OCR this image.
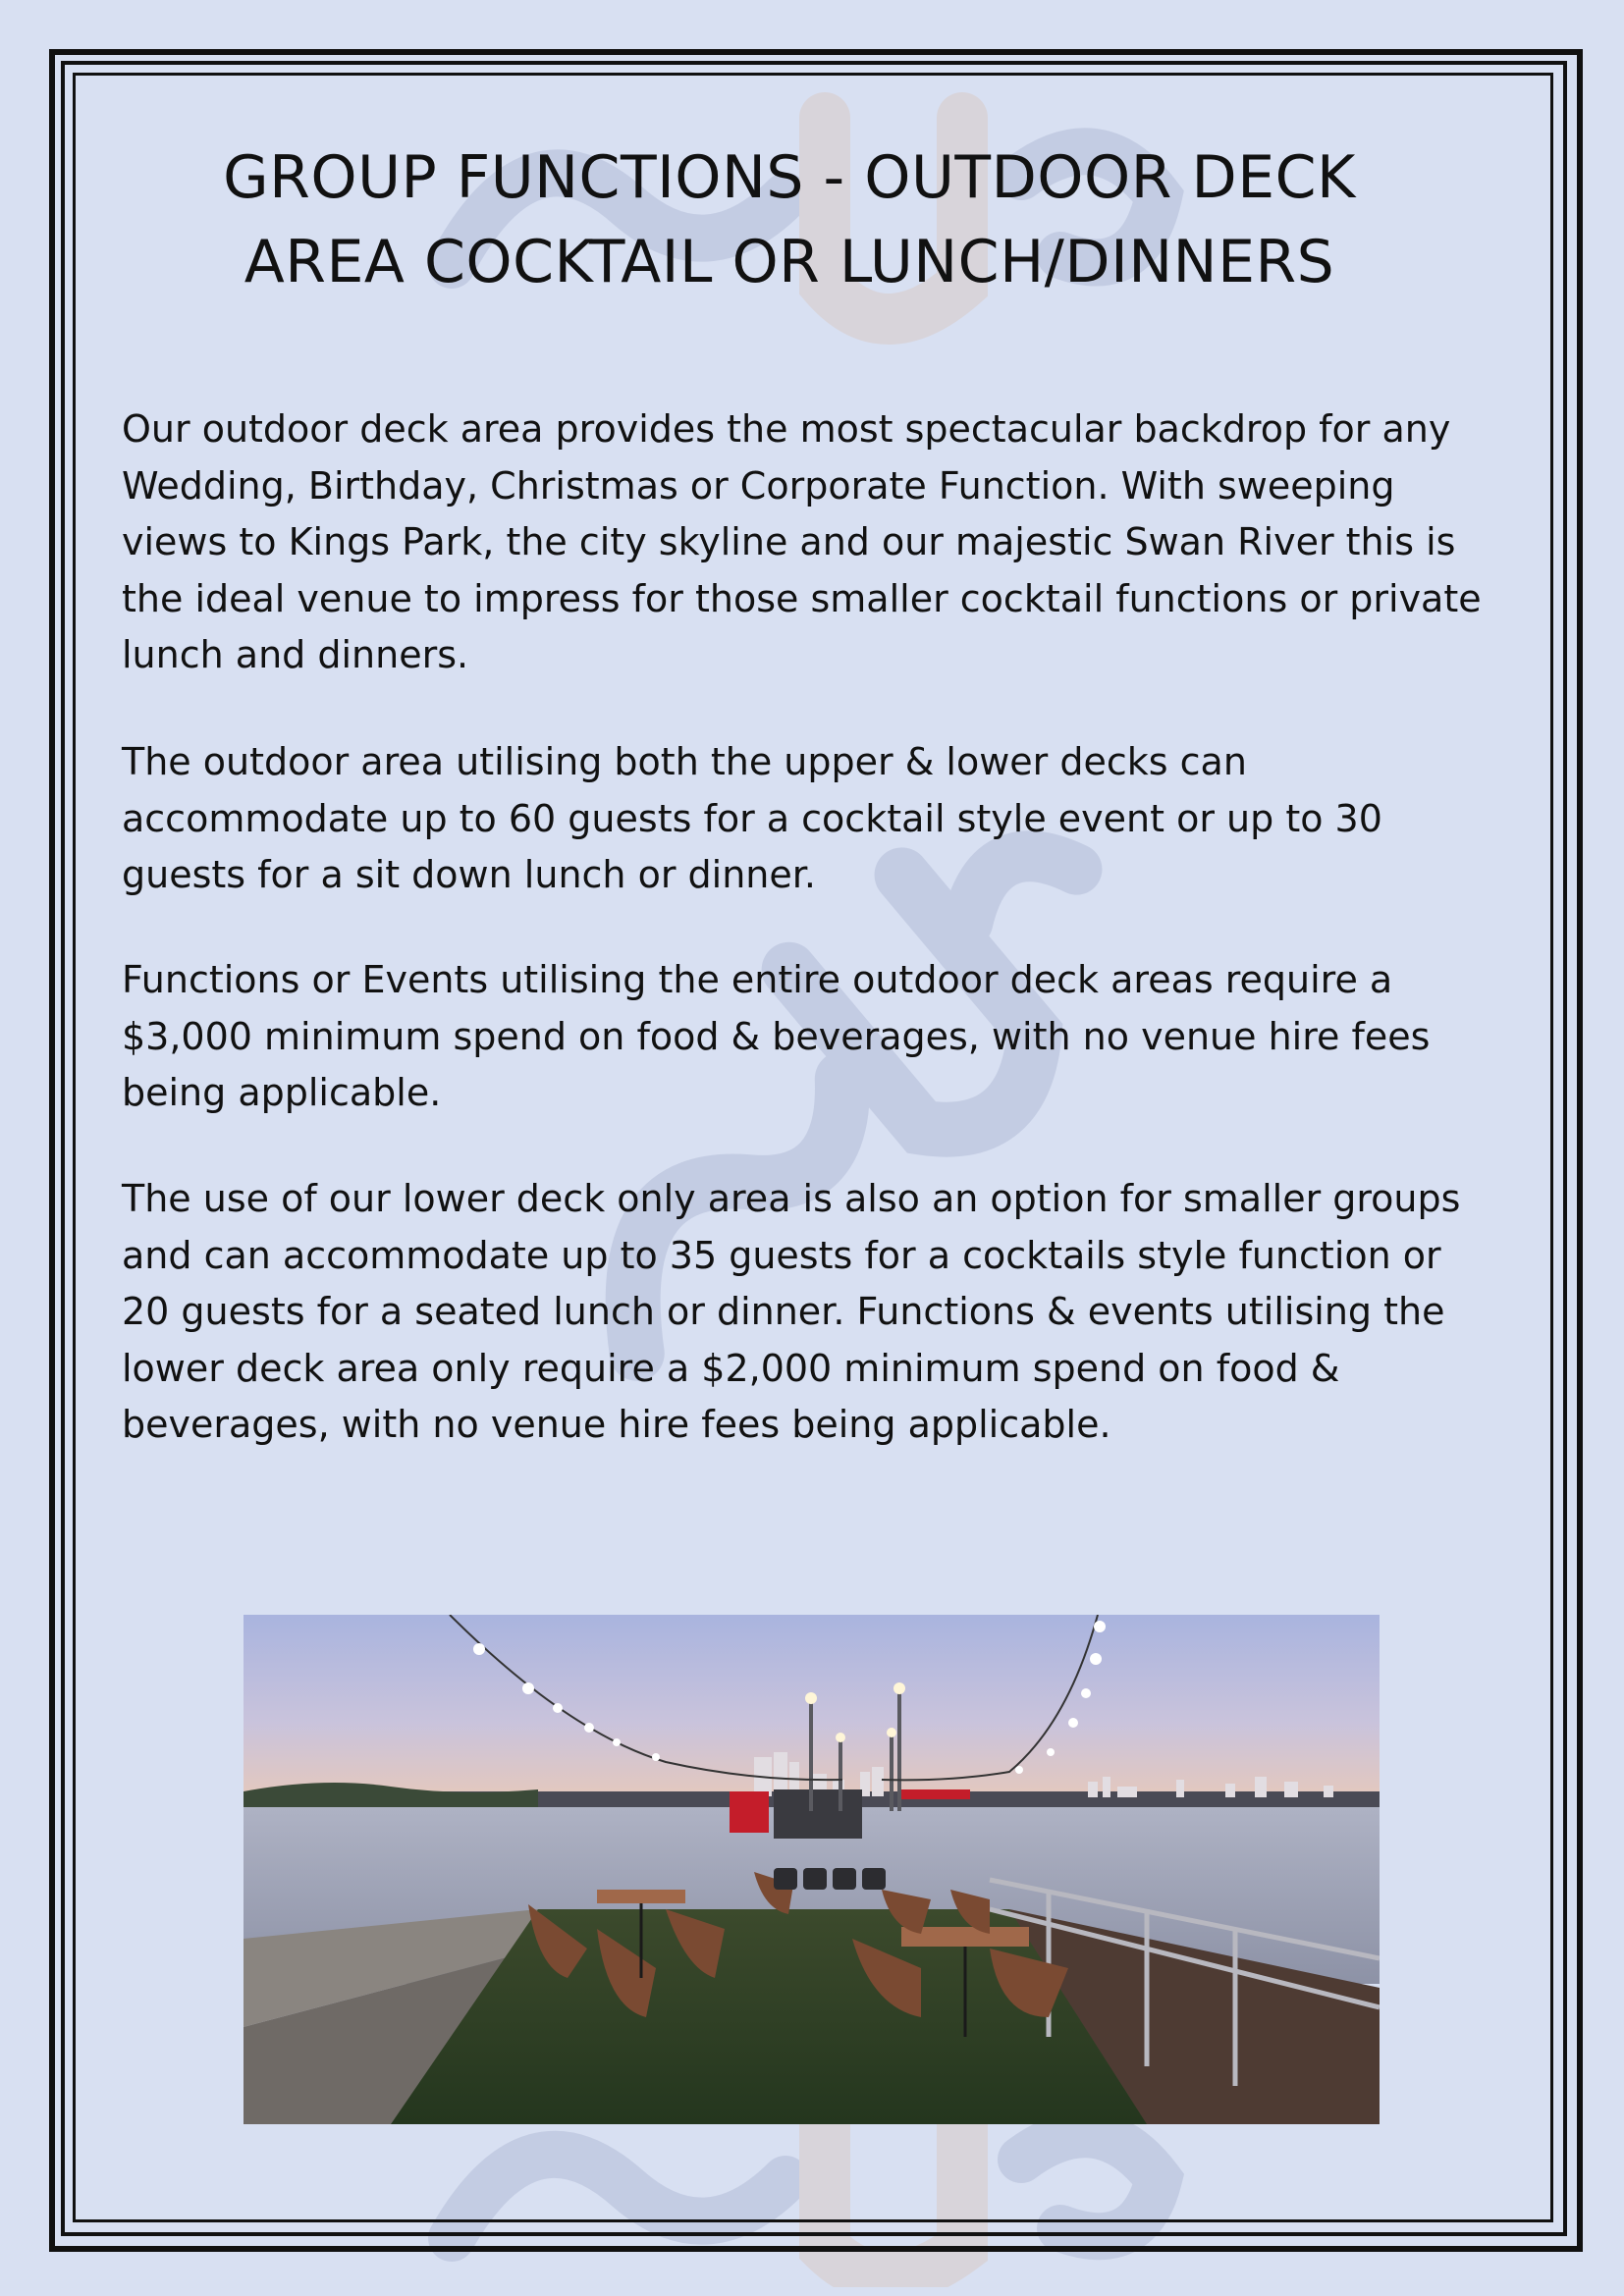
GROUP FUNCTIONS - OUTDOOR DECK
AREA COCKTAIL OR LUNCH/DINNERS

Our outdoor deck area provides the most spectacular backdrop for any Wedding, Birthday, Christmas or Corporate Function. With sweeping views to Kings Park, the city skyline and our majestic Swan River this is the ideal venue to impress for those smaller cocktail functions or private lunch and dinners.

The outdoor area utilising both the upper & lower decks can accommodate up to 60 guests for a cocktail style event or up to 30 guests for a sit down lunch or dinner.

Functions or Events utilising the entire outdoor deck areas require a $3,000 minimum spend on food & beverages, with no venue hire fees being applicable.

The use of our lower deck only area is also an option for smaller groups and can accommodate up to 35 guests for a cocktails style function or 20 guests for a seated lunch or dinner. Functions & events utilising the lower deck area only require a $2,000 minimum spend on food & beverages, with no venue hire fees being applicable.
